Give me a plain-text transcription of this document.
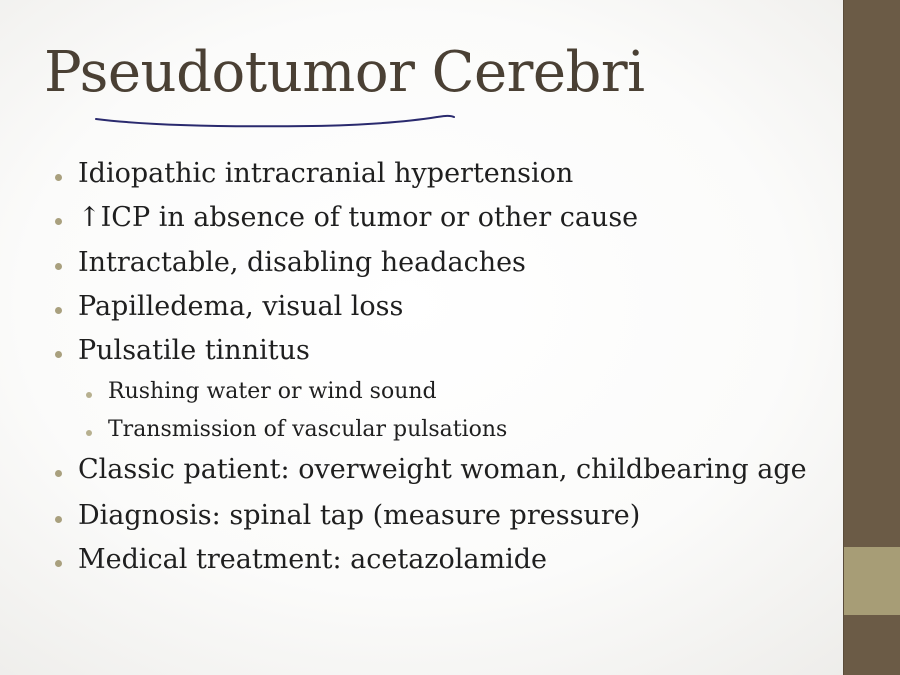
Pseudotumor Cerebri
Idiopathic intracranial hypertension
↑ICP in absence of tumor or other cause
Intractable, disabling headaches
Papilledema, visual loss
Pulsatile tinnitus
Rushing water or wind sound
Transmission of vascular pulsations
Classic patient: overweight woman, childbearing age
Diagnosis: spinal tap (measure pressure)
Medical treatment: acetazolamide
